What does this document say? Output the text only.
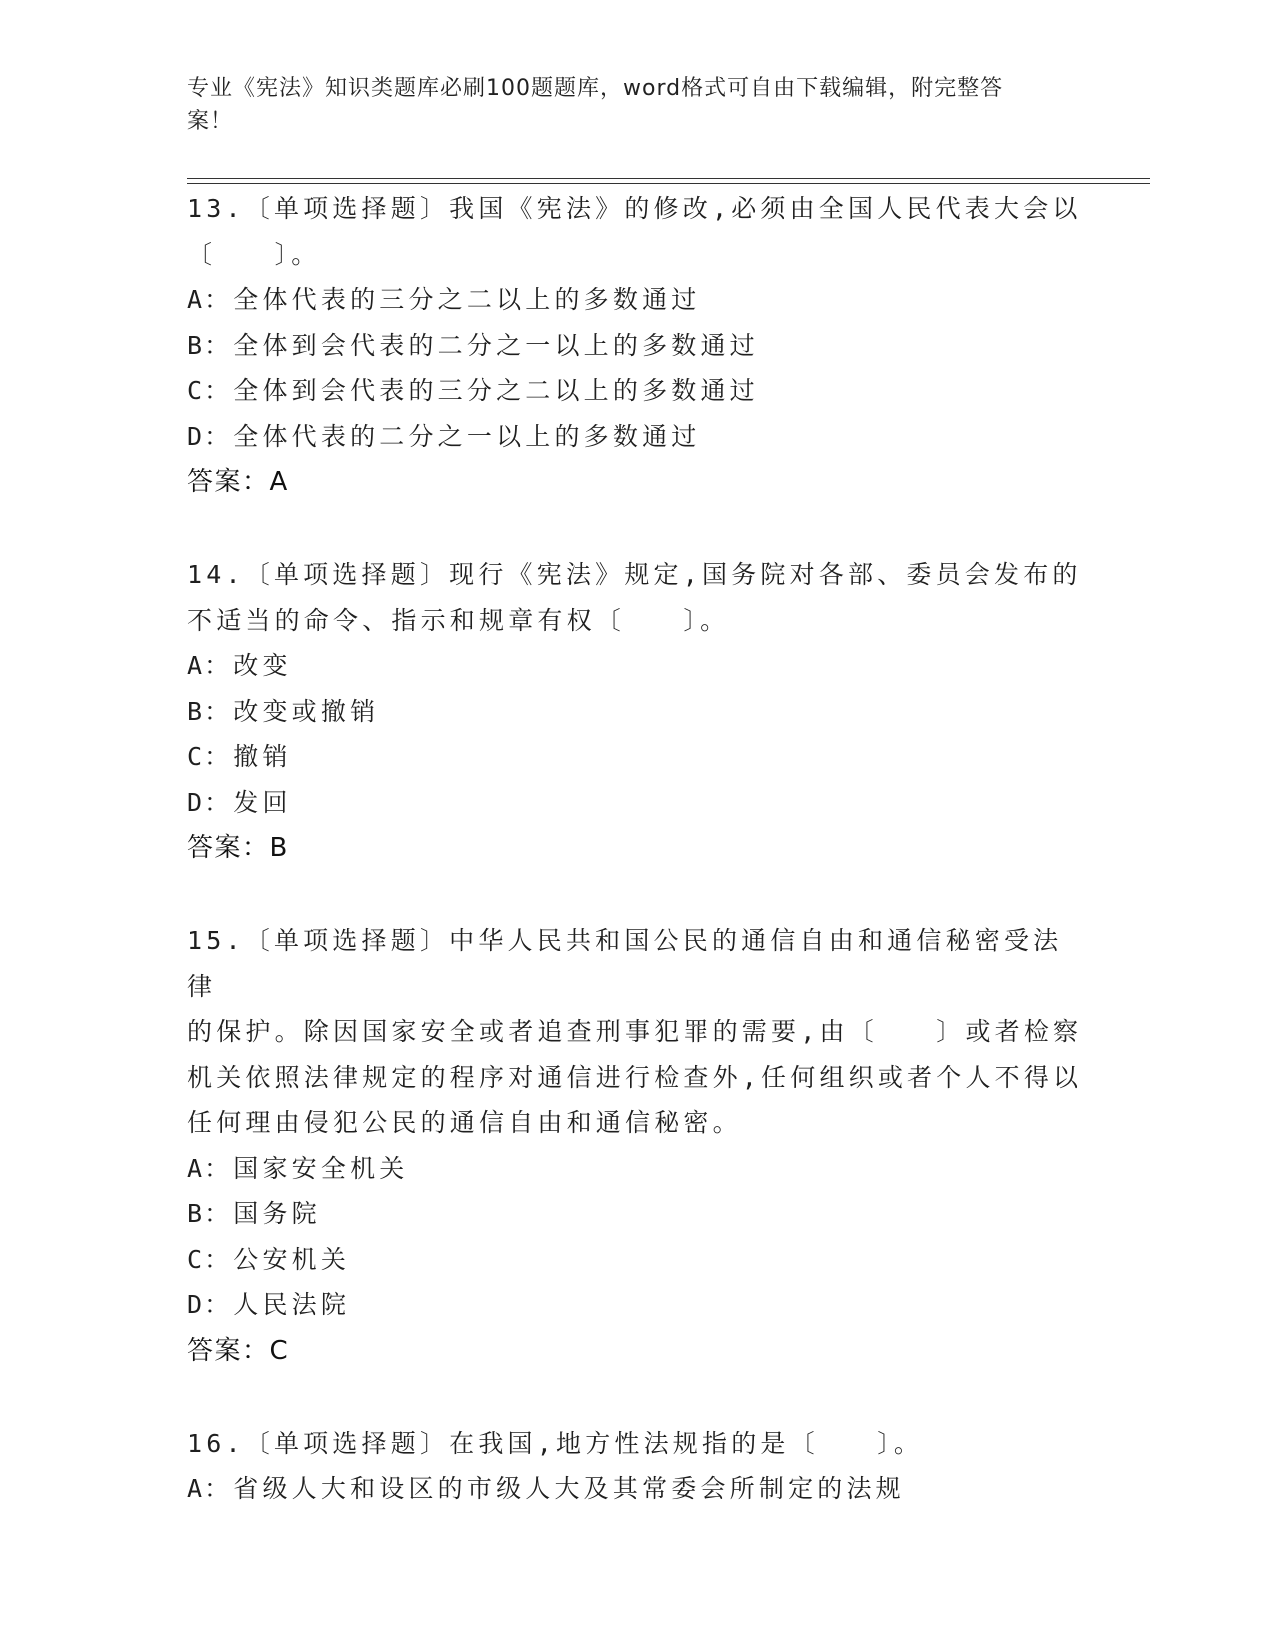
专业《宪法》知识类题库必刷100题题库，word格式可自由下载编辑，附完整答
案！
13.〔单项选择题〕我国《宪法》的修改,必须由全国人民代表大会以
〔　　〕。
A：全体代表的三分之二以上的多数通过
B：全体到会代表的二分之一以上的多数通过
C：全体到会代表的三分之二以上的多数通过
D：全体代表的二分之一以上的多数通过
答案：A
14.〔单项选择题〕现行《宪法》规定,国务院对各部、委员会发布的
不适当的命令、指示和规章有权〔　　〕。
A：改变
B：改变或撤销
C：撤销
D：发回
答案：B
15.〔单项选择题〕中华人民共和国公民的通信自由和通信秘密受法律
的保护。除因国家安全或者追查刑事犯罪的需要,由〔　　〕或者检察
机关依照法律规定的程序对通信进行检查外,任何组织或者个人不得以
任何理由侵犯公民的通信自由和通信秘密。
A：国家安全机关
B：国务院
C：公安机关
D：人民法院
答案：C
16.〔单项选择题〕在我国,地方性法规指的是〔　　〕。
A：省级人大和设区的市级人大及其常委会所制定的法规
